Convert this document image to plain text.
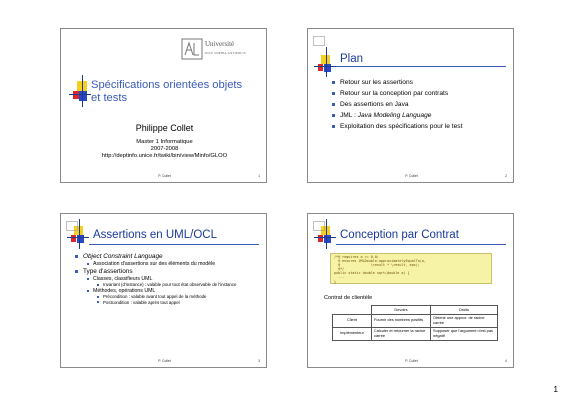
Université
NICE SOPHIA ANTIPOLIS
Spécifications orientées objets
et tests
Philippe Collet
Master 1 Informatique
2007-2008
http://deptinfo.unice.fr/twiki/bin/view/Minfo/GLOO
P. Collet	1
Plan
Retour sur les assertions
Retour sur la conception par contrats
Des assertions en Java
JML : Java Modeling Language
Exploitation des spécifications pour le test
P. Collet	2
Assertions en UML/OCL
Object Constraint Language
Association d'assertions sur des éléments du modèle
Type d'assertions
Classes, classifieurs UML
Invariant (d'instance) : valable pour tout état observable de l'instance
Méthodes, opérations UML
Précondition : valable avant tout appel de la méthode
Postcondition : valable après tout appel
P. Collet	3
Conception par Contrat
/*@ requires a >= 0.0;
@ ensures JMLDouble.approximatelyEqualTo(a,
@               \result * \result, eps);
@*/
public static double sqrt(double a) {
...
}
Contrat de clientèle
	Devoirs	Droits
Client	Fournir des nombres positifs	Obtenir une approx. de racine carrée
Implémenteur	Calculer et retourner la racine carrée	Supposer que l'argument n'est pas négatif
P. Collet	4
1
